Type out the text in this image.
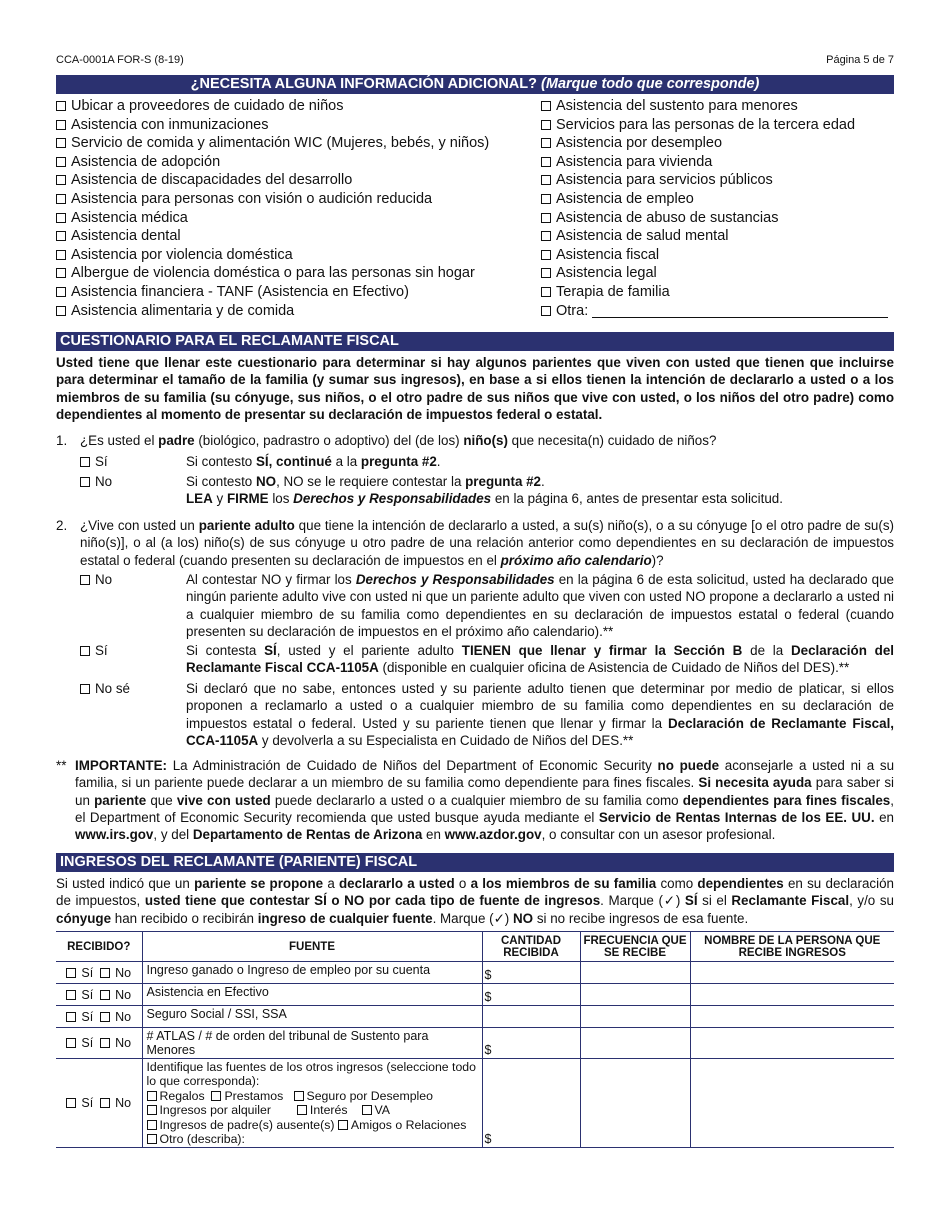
CCA-0001A FOR-S (8-19)	Página 5 de 7
¿NECESITA ALGUNA INFORMACIÓN ADICIONAL? (Marque todo que corresponde)
Ubicar a proveedores de cuidado de niños
Asistencia con inmunizaciones
Servicio de comida y alimentación WIC (Mujeres, bebés, y niños)
Asistencia de adopción
Asistencia de discapacidades del desarrollo
Asistencia para personas con visión o audición reducida
Asistencia médica
Asistencia dental
Asistencia por violencia doméstica
Albergue de violencia doméstica o para las personas sin hogar
Asistencia financiera - TANF (Asistencia en Efectivo)
Asistencia alimentaria y de comida
Asistencia del sustento para menores
Servicios para las personas de la tercera edad
Asistencia por desempleo
Asistencia para vivienda
Asistencia para servicios públicos
Asistencia de empleo
Asistencia de abuso de sustancias
Asistencia de salud mental
Asistencia fiscal
Asistencia legal
Terapia de familia
Otra:
CUESTIONARIO PARA EL RECLAMANTE FISCAL
Usted tiene que llenar este cuestionario para determinar si hay algunos parientes que viven con usted que tienen que incluirse para determinar el tamaño de la familia (y sumar sus ingresos), en base a si ellos tienen la intención de declararlo a usted o a los miembros de su familia (su cónyuge, sus niños, o el otro padre de sus niños que vive con usted, o los niños del otro padre) como dependientes al momento de presentar su declaración de impuestos federal o estatal.
1. ¿Es usted el padre (biológico, padrastro o adoptivo) del (de los) niño(s) que necesita(n) cuidado de niños?
Sí	Si contesto SÍ, continué a la pregunta #2.
No	Si contesto NO, NO se le requiere contestar la pregunta #2.
LEA y FIRME los Derechos y Responsabilidades en la página 6, antes de presentar esta solicitud.
2. ¿Vive con usted un pariente adulto que tiene la intención de declararlo a usted, a su(s) niño(s), o a su cónyuge [o el otro padre de su(s) niño(s)], o al (a los) niño(s) de sus cónyuge u otro padre de una relación anterior como dependientes en su declaración de impuestos estatal o federal (cuando presenten su declaración de impuestos en el próximo año calendario)?
No	Al contestar NO y firmar los Derechos y Responsabilidades en la página 6 de esta solicitud, usted ha declarado que ningún pariente adulto vive con usted ni que un pariente adulto que viven con usted NO propone a declararlo a usted ni a cualquier miembro de su familia como dependientes en su declaración de impuestos estatal o federal (cuando presenten su declaración de impuestos en el próximo año calendario).**
Sí	Si contesta SÍ, usted y el pariente adulto TIENEN que llenar y firmar la Sección B de la Declaración del Reclamante Fiscal CCA-1105A (disponible en cualquier oficina de Asistencia de Cuidado de Niños del DES).**
No sé	Si declaró que no sabe, entonces usted y su pariente adulto tienen que determinar por medio de platicar, si ellos proponen a reclamarlo a usted o a cualquier miembro de su familia como dependientes en su declaración de impuestos estatal o federal. Usted y su pariente tienen que llenar y firmar la Declaración de Reclamante Fiscal, CCA-1105A y devolverla a su Especialista en Cuidado de Niños del DES.**
** IMPORTANTE: La Administración de Cuidado de Niños del Department of Economic Security no puede aconsejarle a usted ni a su familia, si un pariente puede declarar a un miembro de su familia como dependiente para fines fiscales. Si necesita ayuda para saber si un pariente que vive con usted puede declararlo a usted o a cualquier miembro de su familia como dependientes para fines fiscales, el Department of Economic Security recomienda que usted busque ayuda mediante el Servicio de Rentas Internas de los EE. UU. en www.irs.gov, y del Departamento de Rentas de Arizona en www.azdor.gov, o consultar con un asesor profesional.
INGRESOS DEL RECLAMANTE (PARIENTE) FISCAL
Si usted indicó que un pariente se propone a declararlo a usted o a los miembros de su familia como dependientes en su declaración de impuestos, usted tiene que contestar SÍ o NO por cada tipo de fuente de ingresos. Marque (✓) SÍ si el Reclamante Fiscal, y/o su cónyuge han recibido o recibirán ingreso de cualquier fuente. Marque (✓) NO si no recibe ingresos de esa fuente.
RECIBIDO?	FUENTE	CANTIDAD RECIBIDA	FRECUENCIA QUE SE RECIBE	NOMBRE DE LA PERSONA QUE RECIBE INGRESOS
Sí No	Ingreso ganado o Ingreso de empleo por su cuenta	$		
Sí No	Asistencia en Efectivo	$		
Sí No	Seguro Social / SSI, SSA			
Sí No	# ATLAS / # de orden del tribunal de Sustento para Menores	$		
Sí No	Identifique las fuentes de los otros ingresos (seleccione todo lo que corresponda):
Regalos Prestamos Seguro por Desempleo
Ingresos por alquiler Interés VA
Ingresos de padre(s) ausente(s) Amigos o Relaciones
Otro (describa):	$		
